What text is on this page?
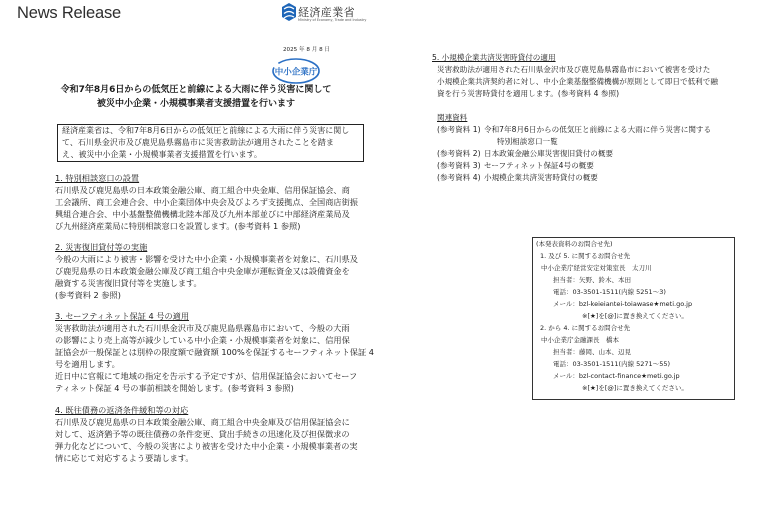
News Release	経済産業省
Ministry of Economy, Trade and Industry
2025 年 8 月 8 日
中小企業庁
令和7年8月6日からの低気圧と前線による大雨に伴う災害に関して
被災中小企業・小規模事業者支援措置を行います
経済産業省は、令和7年8月6日からの低気圧と前線による大雨に伴う災害に関し
て、石川県金沢市及び鹿児島県霧島市に災害救助法が適用されたことを踏ま
え、被災中小企業・小規模事業者支援措置を行います。
1. 特別相談窓口の設置
石川県及び鹿児島県の日本政策金融公庫、商工組合中央金庫、信用保証協会、商
工会議所、商工会連合会、中小企業団体中央会及びよろず支援拠点、全国商店街振
興組合連合会、中小基盤整備機構北陸本部及び九州本部並びに中部経済産業局及
び九州経済産業局に特別相談窓口を設置します。(参考資料 1 参照)
2. 災害復旧貸付等の実施
今般の大雨により被害・影響を受けた中小企業・小規模事業者を対象に、石川県及
び鹿児島県の日本政策金融公庫及び商工組合中央金庫が運転資金又は設備資金を
融資する災害復旧貸付等を実施します。
(参考資料 2 参照)
3. セーフティネット保証 4 号の適用
災害救助法が適用された石川県金沢市及び鹿児島県霧島市において、今般の大雨
の影響により売上高等が減少している中小企業・小規模事業者を対象に、信用保
証協会が一般保証とは別枠の限度額で融資額 100%を保証するセーフティネット保証 4
号を適用します。
近日中に官報にて地域の指定を告示する予定ですが、信用保証協会においてセーフ
ティネット保証 4 号の事前相談を開始します。(参考資料 3 参照)
4. 既往債務の返済条件緩和等の対応
石川県及び鹿児島県の日本政策金融公庫、商工組合中央金庫及び信用保証協会に
対して、返済猶予等の既往債務の条件変更、貸出手続きの迅速化及び担保徴求の
弾力化などについて、今般の災害により被害を受けた中小企業・小規模事業者の実
情に応じて対応するよう要請します。
5. 小規模企業共済災害時貸付の適用
災害救助法が適用された石川県金沢市及び鹿児島県霧島市において被害を受けた
小規模企業共済契約者に対し、中小企業基盤整備機構が原則として即日で低利で融
資を行う災害時貸付を適用します。(参考資料 4 参照)
関連資料
(参考資料 1) 令和7年8月6日からの低気圧と前線による大雨に伴う災害に関する
特別相談窓口一覧
(参考資料 2) 日本政策金融公庫災害復旧貸付の概要
(参考資料 3) セーフティネット保証4号の概要
(参考資料 4) 小規模企業共済災害時貸付の概要
(本発表資料のお問合せ先)
1. 及び 5. に関するお問合せ先
中小企業庁経営安定対策室長　太刀川
担当者：矢野、鈴木、本田
電話：03-3501-1511(内線 5251～3)
メール：bzl-keieiantei-toiawase★meti.go.jp
※[★]を[@]に置き換えてください。
2. から 4. に関するお問合せ先
中小企業庁金融課長　橋本
担当者：藤岡、山本、辺見
電話：03-3501-1511(内線 5271～55)
メール：bzl-contact-finance★meti.go.jp
※[★]を[@]に置き換えてください。
